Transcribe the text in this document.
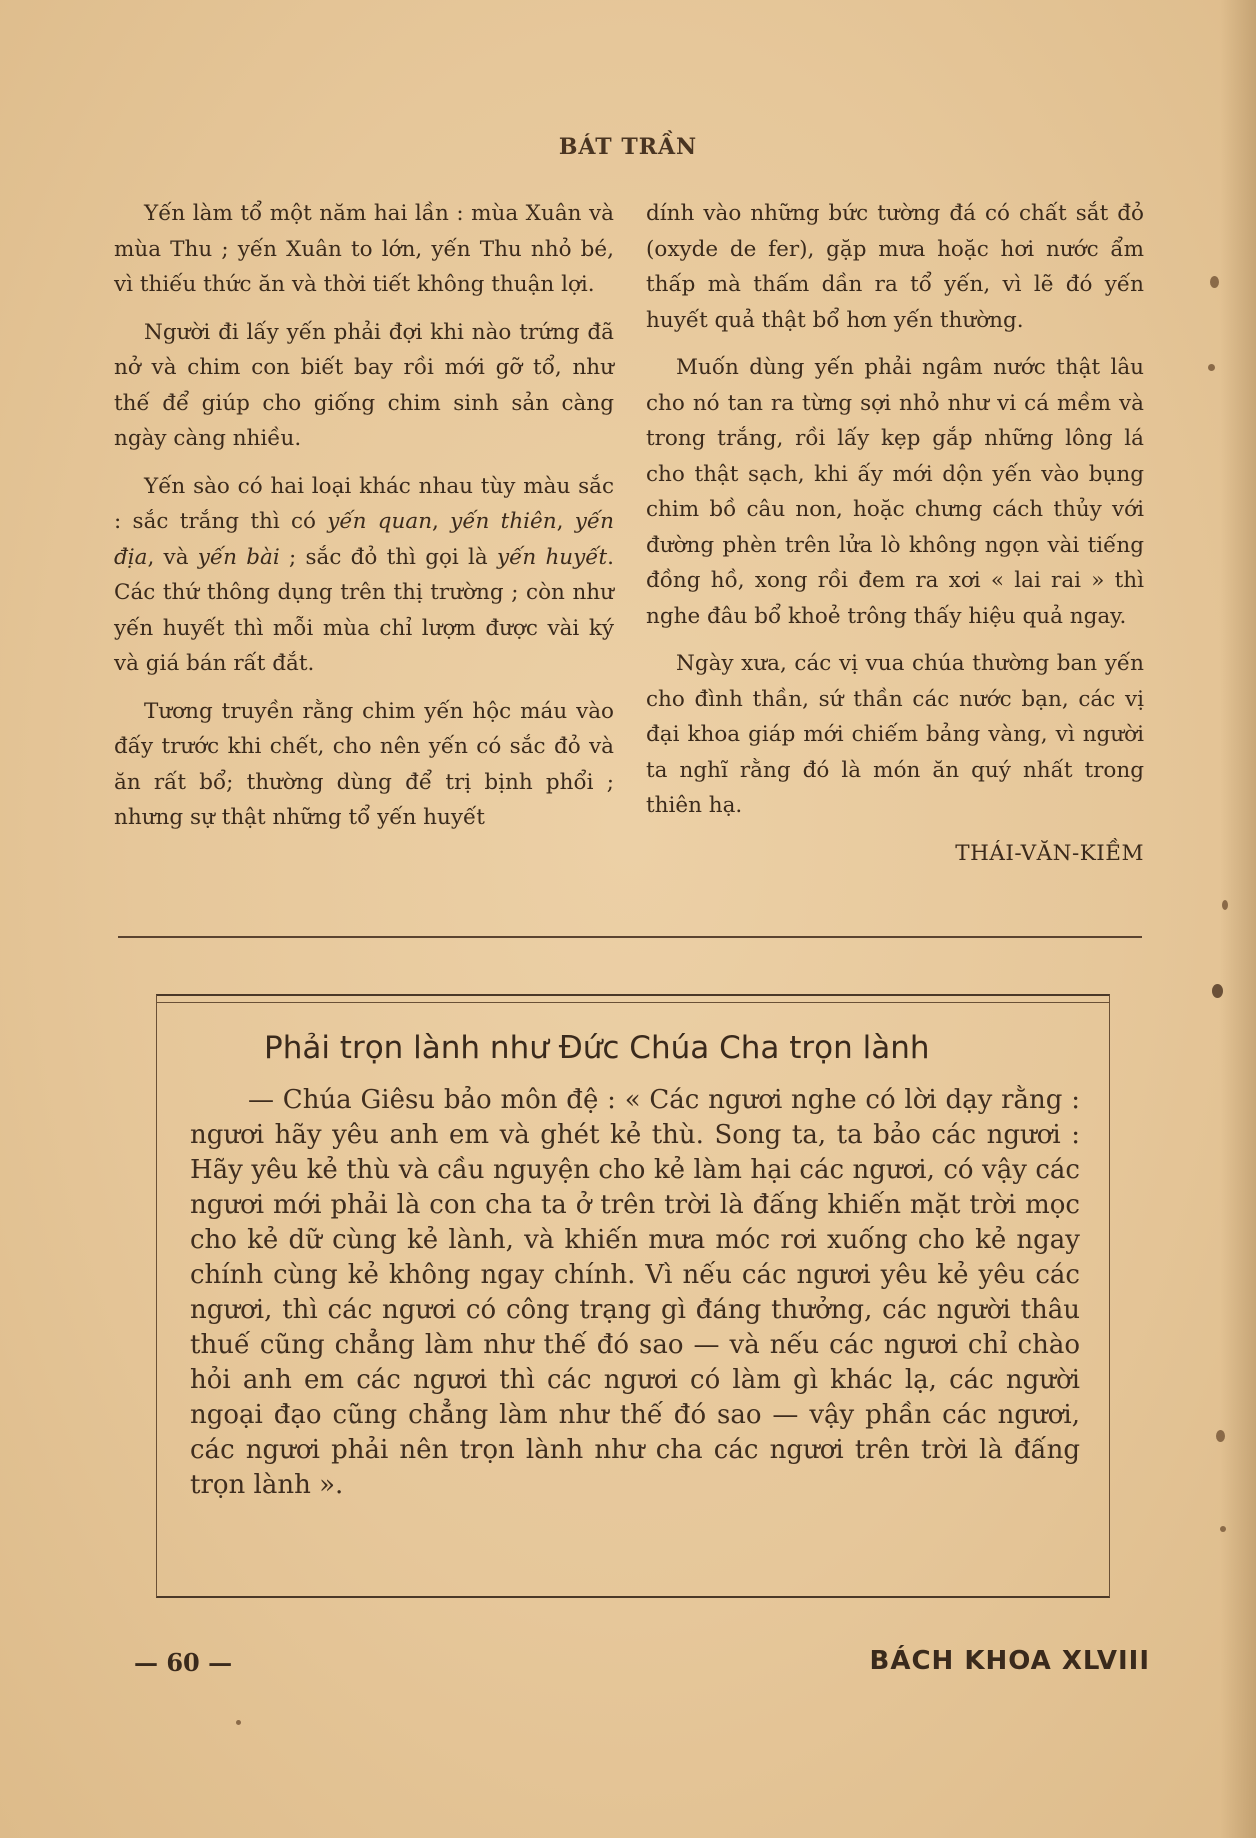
BÁT TRẦN

Yến làm tổ một năm hai lần : mùa Xuân và mùa Thu ; yến Xuân to lớn, yến Thu nhỏ bé, vì thiếu thức ăn và thời tiết không thuận lợi.

Người đi lấy yến phải đợi khi nào trứng đã nở và chim con biết bay rồi mới gỡ tổ, như thế để giúp cho giống chim sinh sản càng ngày càng nhiều.

Yến sào có hai loại khác nhau tùy màu sắc : sắc trắng thì có yến quan, yến thiên, yến địa, và yến bài ; sắc đỏ thì gọi là yến huyết. Các thứ thông dụng trên thị trường ; còn như yến huyết thì mỗi mùa chỉ lượm được vài ký và giá bán rất đắt.

Tương truyền rằng chim yến hộc máu vào đấy trước khi chết, cho nên yến có sắc đỏ và ăn rất bổ; thường dùng để trị bịnh phổi ; nhưng sự thật những tổ yến huyết

dính vào những bức tường đá có chất sắt đỏ (oxyde de fer), gặp mưa hoặc hơi nước ẩm thấp mà thấm dần ra tổ yến, vì lẽ đó yến huyết quả thật bổ hơn yến thường.

Muốn dùng yến phải ngâm nước thật lâu cho nó tan ra từng sợi nhỏ như vi cá mềm và trong trắng, rồi lấy kẹp gắp những lông lá cho thật sạch, khi ấy mới dộn yến vào bụng chim bồ câu non, hoặc chưng cách thủy với đường phèn trên lửa lò không ngọn vài tiếng đồng hồ, xong rồi đem ra xơi « lai rai » thì nghe đâu bổ khoẻ trông thấy hiệu quả ngay.

Ngày xưa, các vị vua chúa thường ban yến cho đình thần, sứ thần các nước bạn, các vị đại khoa giáp mới chiếm bảng vàng, vì người ta nghĩ rằng đó là món ăn quý nhất trong thiên hạ.

THÁI-VĂN-KIỀM

Phải trọn lành như Đức Chúa Cha trọn lành

— Chúa Giêsu bảo môn đệ : « Các ngươi nghe có lời dạy rằng : ngươi hãy yêu anh em và ghét kẻ thù. Song ta, ta bảo các ngươi : Hãy yêu kẻ thù và cầu nguyện cho kẻ làm hại các ngươi, có vậy các ngươi mới phải là con cha ta ở trên trời là đấng khiến mặt trời mọc cho kẻ dữ cùng kẻ lành, và khiến mưa móc rơi xuống cho kẻ ngay chính cùng kẻ không ngay chính. Vì nếu các ngươi yêu kẻ yêu các ngươi, thì các ngươi có công trạng gì đáng thưởng, các người thâu thuế cũng chẳng làm như thế đó sao — và nếu các ngươi chỉ chào hỏi anh em các ngươi thì các ngươi có làm gì khác lạ, các người ngoại đạo cũng chẳng làm như thế đó sao — vậy phần các ngươi, các ngươi phải nên trọn lành như cha các ngươi trên trời là đấng trọn lành ».

— 60 —	BÁCH KHOA XLVIII
